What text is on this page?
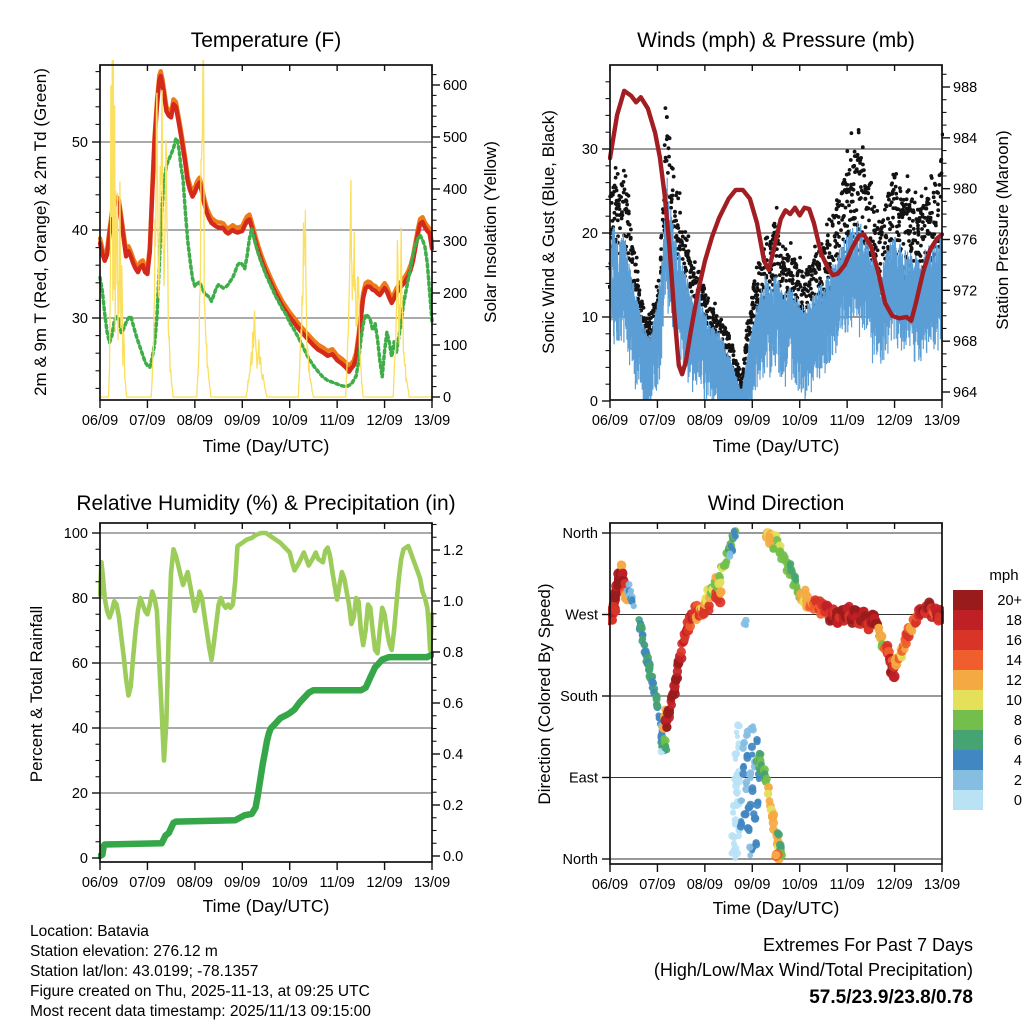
06/09 07/09 08/09 09/09 10/09 11/09 12/09 13/09
30
40
50
0
100
200
300
400
500
600
06/09 07/09 08/09 09/09 10/09 11/09 12/09 13/09
0
10
20
30
964
968
972
976
980
984
988
06/09 07/09 08/09 09/09 10/09 11/09 12/09 13/09
0
20
40
60
80
100
0.0
0.2
0.4
0.6
0.8
1.0
1.2
06/09 07/09 08/09 09/09 10/09 11/09 12/09 13/09
North
West
South
East
North
20+
18
16
14
12
10
8
6
4
2
0
Temperature (F)	Winds (mph) & Pressure (mb)
Relative Humidity (%) & Precipitation (in)	Wind Direction
2m & 9m T (Red, Orange) & 2m Td (Green)	Solar Insolation (Yellow) Sonic Wind & Gust (Blue, Black)	Station Pressure (Maroon)
Percent & Total Rainfall	Direction (Colored By Speed)
Time (Day/UTC)	Time (Day/UTC)
Time (Day/UTC)	Time (Day/UTC)
mph
Location: Batavia
Station elevation: 276.12 m
Station lat/lon: 43.0199; -78.1357
Figure created on Thu, 2025-11-13, at 09:25 UTC
Most recent data timestamp: 2025/11/13 09:15:00
Extremes For Past 7 Days
(High/Low/Max Wind/Total Precipitation)
57.5/23.9/23.8/0.78
